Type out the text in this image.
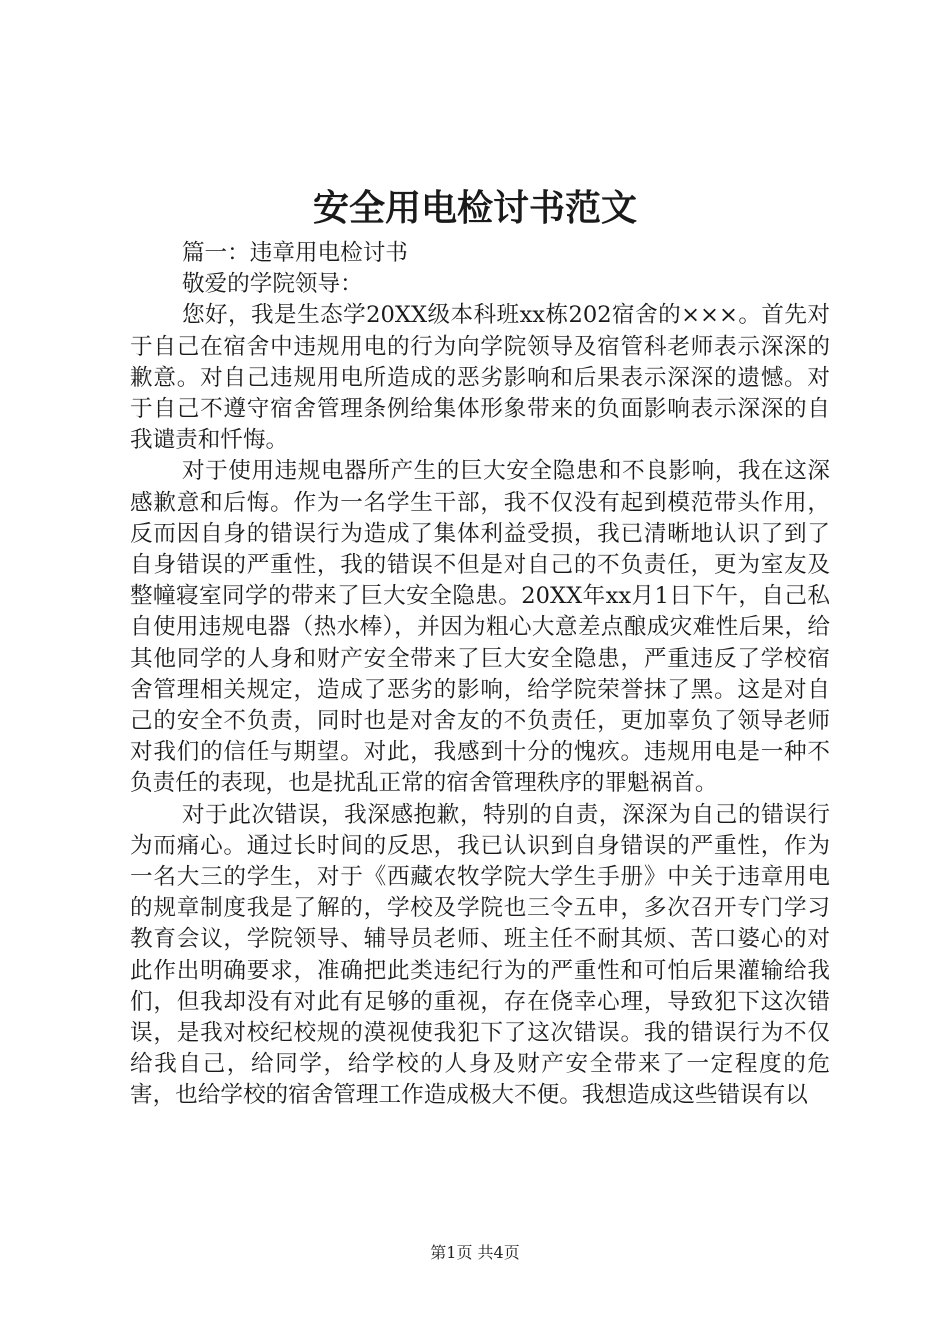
安全用电检讨书范文

篇一：违章用电检讨书

敬爱的学院领导：

您好，我是生态学20XX级本科班xx栋202宿舍的×××。首先对于自己在宿舍中违规用电的行为向学院领导及宿管科老师表示深深的歉意。对自己违规用电所造成的恶劣影响和后果表示深深的遗憾。对于自己不遵守宿舍管理条例给集体形象带来的负面影响表示深深的自我谴责和忏悔。

对于使用违规电器所产生的巨大安全隐患和不良影响，我在这深感歉意和后悔。作为一名学生干部，我不仅没有起到模范带头作用，反而因自身的错误行为造成了集体利益受损，我已清晰地认识了到了自身错误的严重性，我的错误不但是对自己的不负责任，更为室友及整幢寝室同学的带来了巨大安全隐患。20XX年xx月1日下午，自己私自使用违规电器（热水棒），并因为粗心大意差点酿成灾难性后果，给其他同学的人身和财产安全带来了巨大安全隐患，严重违反了学校宿舍管理相关规定，造成了恶劣的影响，给学院荣誉抹了黑。这是对自己的安全不负责，同时也是对舍友的不负责任，更加辜负了领导老师对我们的信任与期望。对此，我感到十分的愧疚。违规用电是一种不负责任的表现，也是扰乱正常的宿舍管理秩序的罪魁祸首。

对于此次错误，我深感抱歉，特别的自责，深深为自己的错误行为而痛心。通过长时间的反思，我已认识到自身错误的严重性，作为一名大三的学生，对于《西藏农牧学院大学生手册》中关于违章用电的规章制度我是了解的，学校及学院也三令五申，多次召开专门学习教育会议，学院领导、辅导员老师、班主任不耐其烦、苦口婆心的对此作出明确要求，准确把此类违纪行为的严重性和可怕后果灌输给我们，但我却没有对此有足够的重视，存在侥幸心理，导致犯下这次错误，是我对校纪校规的漠视使我犯下了这次错误。我的错误行为不仅给我自己，给同学，给学校的人身及财产安全带来了一定程度的危害，也给学校的宿舍管理工作造成极大不便。我想造成这些错误有以

第1页 共4页
